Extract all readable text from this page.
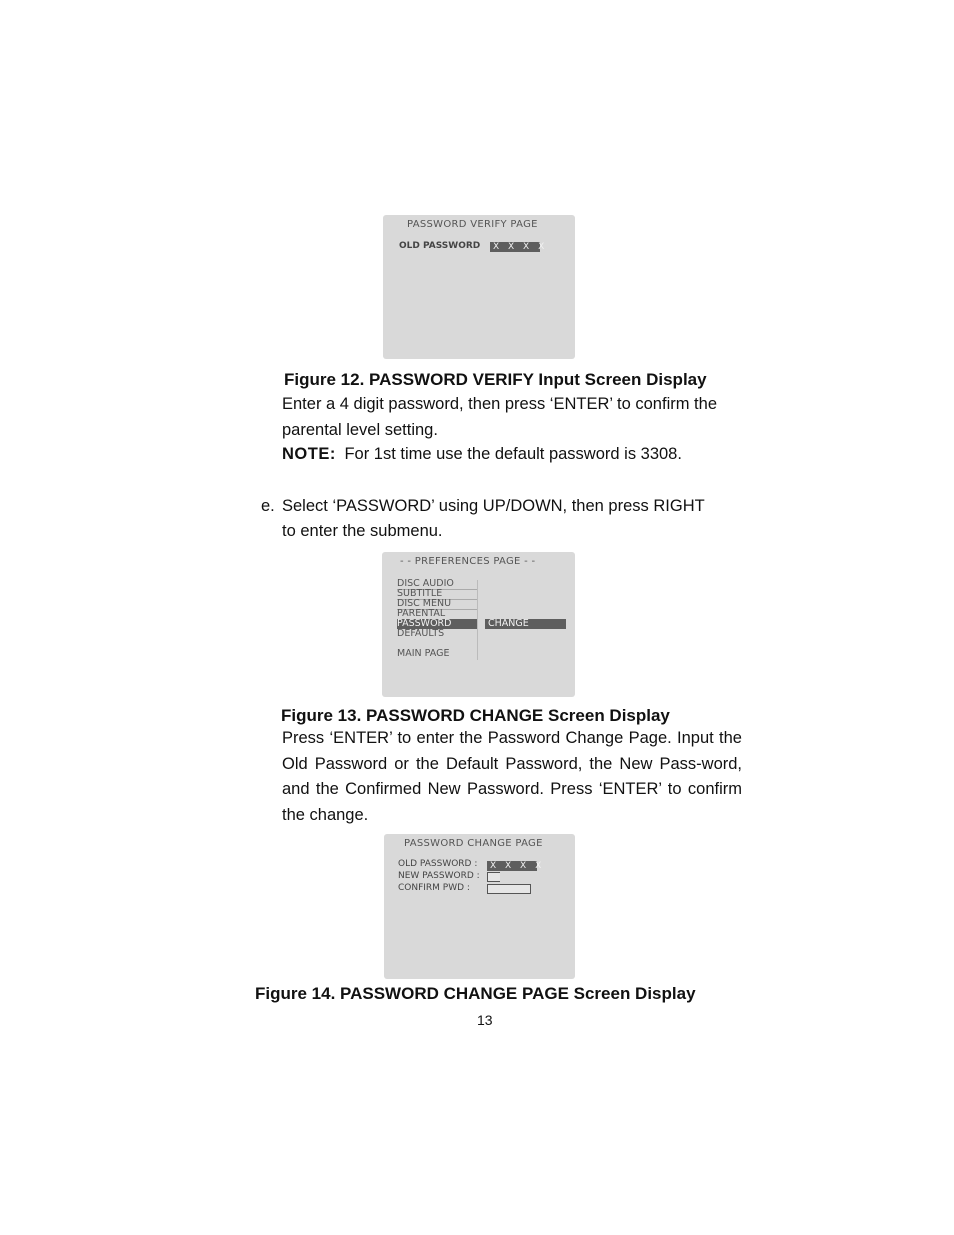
PASSWORD VERIFY PAGE
OLD PASSWORD	X X X X
Figure 12. PASSWORD VERIFY Input Screen Display
Enter a 4 digit password, then press ‘ENTER’ to confirm the parental level setting.
NOTE: For 1st time use the default password is 3308.
e. Select ‘PASSWORD’ using UP/DOWN, then press RIGHT
to enter the submenu.
- - PREFERENCES PAGE - -
DISC AUDIO
SUBTITLE
DISC MENU
PARENTAL
PASSWORD
DEFAULTS
MAIN PAGE
CHANGE
Figure 13. PASSWORD CHANGE Screen Display
Press ‘ENTER’ to enter the Password Change Page. Input the Old Password or the Default Password, the New Pass-word, and the Confirmed New Password. Press ‘ENTER’ to confirm the change.
PASSWORD CHANGE PAGE
OLD PASSWORD :	X X X X
NEW PASSWORD :
CONFIRM PWD :
Figure 14. PASSWORD CHANGE PAGE Screen Display
13
